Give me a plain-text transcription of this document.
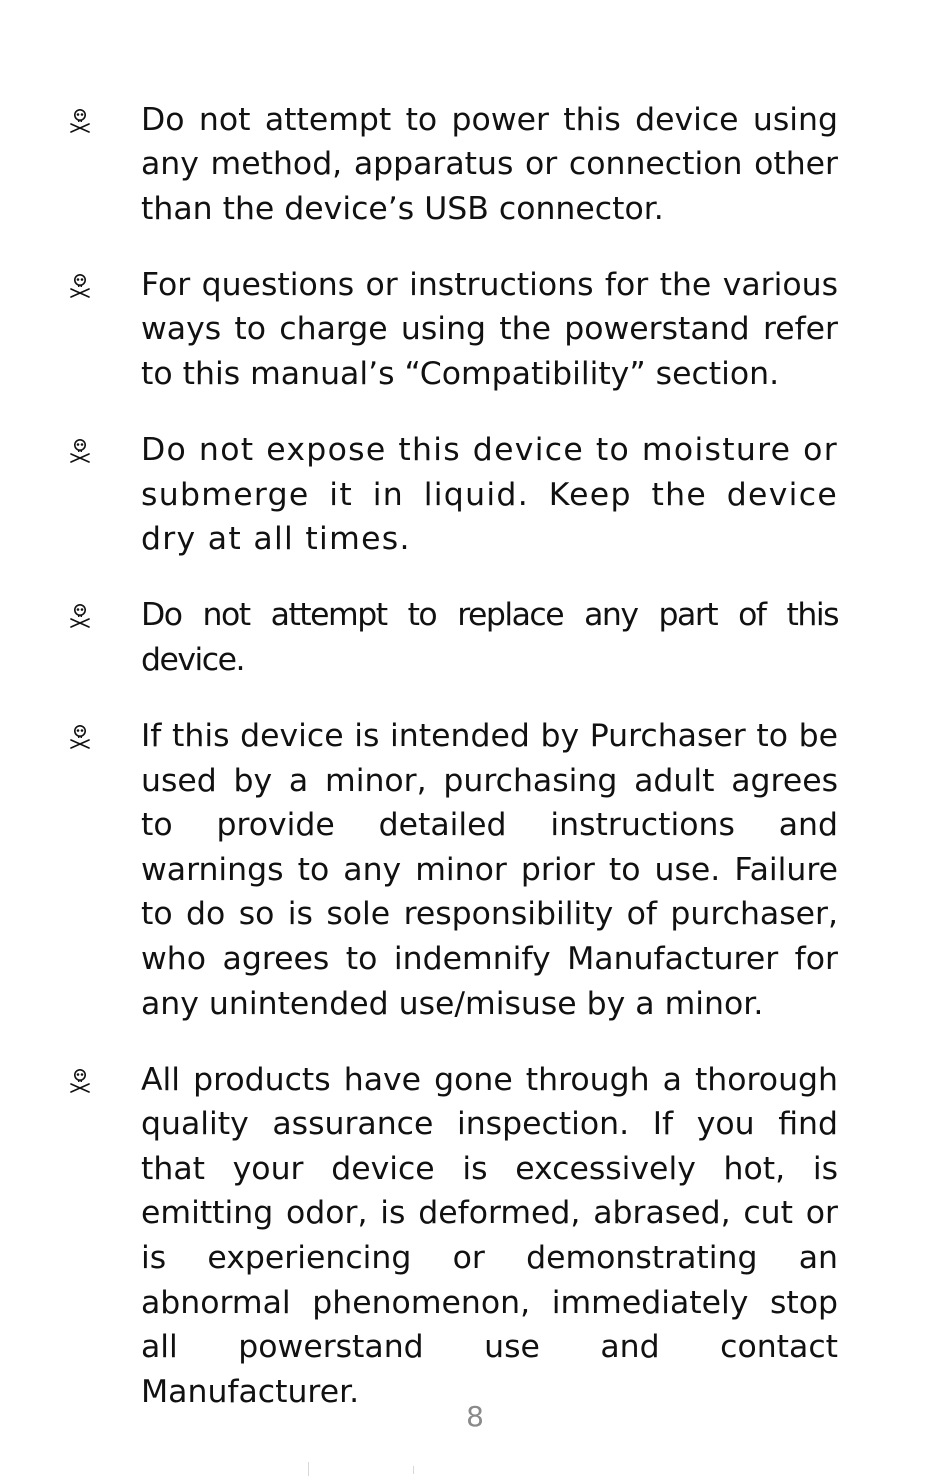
Do not attempt to power this device using any method, apparatus or connection other than the device’s USB connector.

For questions or instructions for the various ways to charge using the powerstand refer to this manual’s “Compatibility” section.

Do not expose this device to moisture or submerge it in liquid. Keep the device dry at all times.

Do not attempt to replace any part of this device.

If this device is intended by Purchaser to be used by a minor, purchasing adult agrees to provide detailed instructions and warnings to any minor prior to use. Failure to do so is sole responsibility of purchaser, who agrees to indemnify Manufacturer for any unintended use/misuse by a minor.

All products have gone through a thorough quality assurance inspection. If you find that your device is excessively hot, is emitting odor, is deformed, abrased, cut or is experiencing or demonstrating an abnormal phenomenon, immediately stop all powerstand use and contact Manufacturer.

8
